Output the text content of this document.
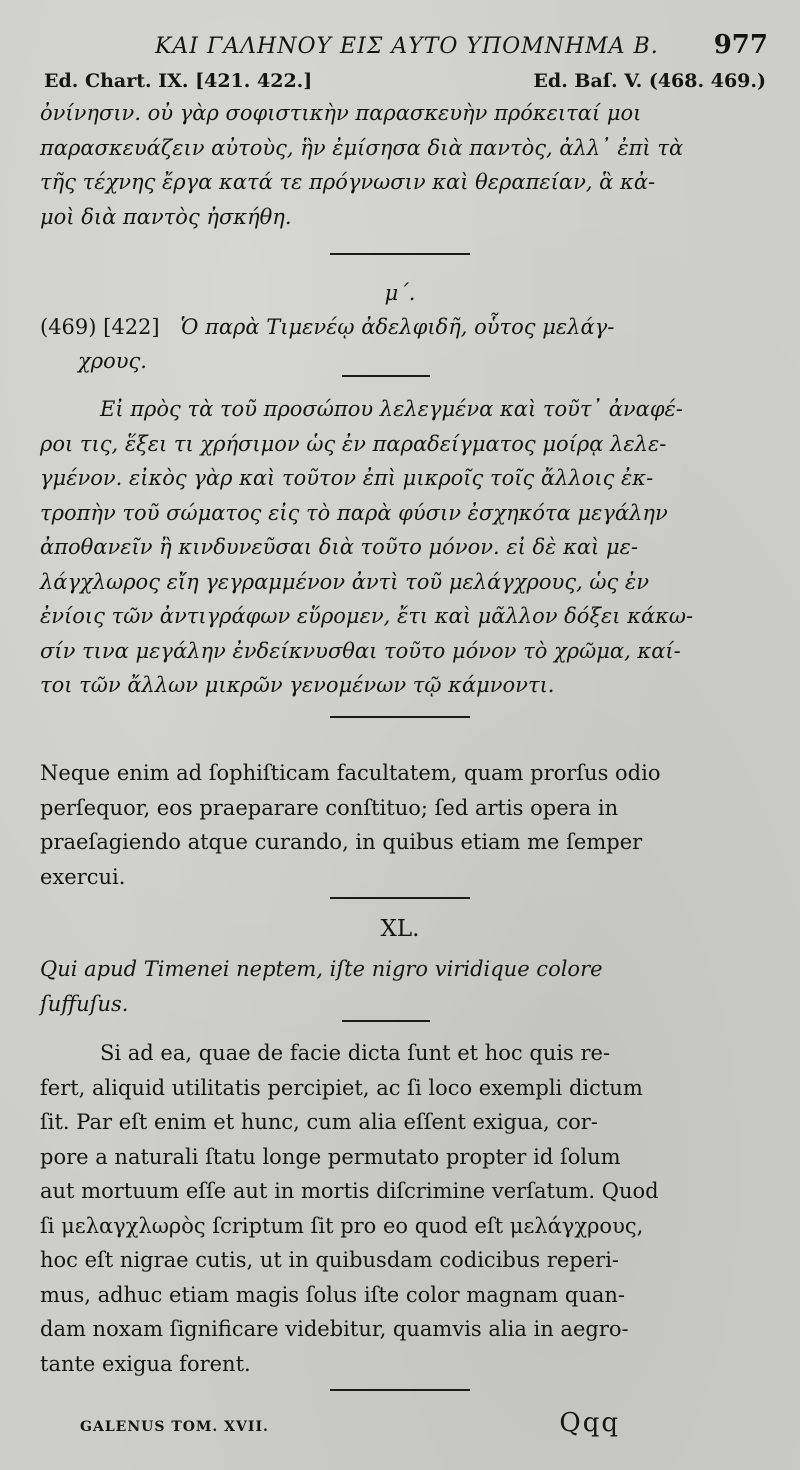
ΚΑΙ ΓΑΛΗΝΟΥ ΕΙΣ ΑΥΤΟ ΥΠΟΜΝΗΜΑ Β.	977
Ed. Chart. IX. [421. 422.]	Ed. Baſ. V. (468. 469.)
ὀνίνησιν. οὐ γὰρ σοφιστικὴν παρασκευὴν πρόκειταί μοι
παρασκευάζειν αὐτοὺς, ἣν ἐμίσησα διὰ παντὸς, ἀλλ᾽ ἐπὶ τὰ
τῆς τέχνης ἔργα κατά τε πρόγνωσιν καὶ θεραπείαν, ἃ κἀ-
μοὶ διὰ παντὸς ἠσκήθη.
μ΄.
(469) [422] Ὁ παρὰ Τιμενέῳ ἀδελφιδῆ, οὗτος μελάγ-
χρους.
Εἰ πρὸς τὰ τοῦ προσώπου λελεγμένα καὶ τοῦτ᾽ ἀναφέ-
ροι τις, ἕξει τι χρήσιμον ὡς ἐν παραδείγματος μοίρᾳ λελε-
γμένον. εἰκὸς γὰρ καὶ τοῦτον ἐπὶ μικροῖς τοῖς ἄλλοις ἐκ-
τροπὴν τοῦ σώματος εἰς τὸ παρὰ φύσιν ἐσχηκότα μεγάλην
ἀποθανεῖν ἢ κινδυνεῦσαι διὰ τοῦτο μόνον. εἰ δὲ καὶ με-
λάγχλωρος εἴη γεγραμμένον ἀντὶ τοῦ μελάγχρους, ὡς ἐν
ἐνίοις τῶν ἀντιγράφων εὕρομεν, ἔτι καὶ μᾶλλον δόξει κάκω-
σίν τινα μεγάλην ἐνδείκνυσθαι τοῦτο μόνον τὸ χρῶμα, καί-
τοι τῶν ἄλλων μικρῶν γενομένων τῷ κάμνοντι.
Neque enim ad ſophiſticam facultatem, quam prorſus odio
perſequor, eos praeparare conſtituo; ſed artis opera in
praeſagiendo atque curando, in quibus etiam me ſemper
exercui.
XL.
Qui apud Timenei neptem, iſte nigro viridique colore
ſuffuſus.
Si ad ea, quae de facie dicta ſunt et hoc quis re-
fert, aliquid utilitatis percipiet, ac ſi loco exempli dictum
ſit. Par eſt enim et hunc, cum alia eſſent exigua, cor-
pore a naturali ſtatu longe permutato propter id ſolum
aut mortuum eſſe aut in mortis diſcrimine verſatum. Quod
ſi μελαγχλωρὸς ſcriptum ſit pro eo quod eſt μελάγχρους,
hoc eſt nigrae cutis, ut in quibusdam codicibus reperi-
mus, adhuc etiam magis ſolus iſte color magnam quan-
dam noxam ſignificare videbitur, quamvis alia in aegro-
tante exigua forent.
GALENUS TOM. XVII.	Qqq
